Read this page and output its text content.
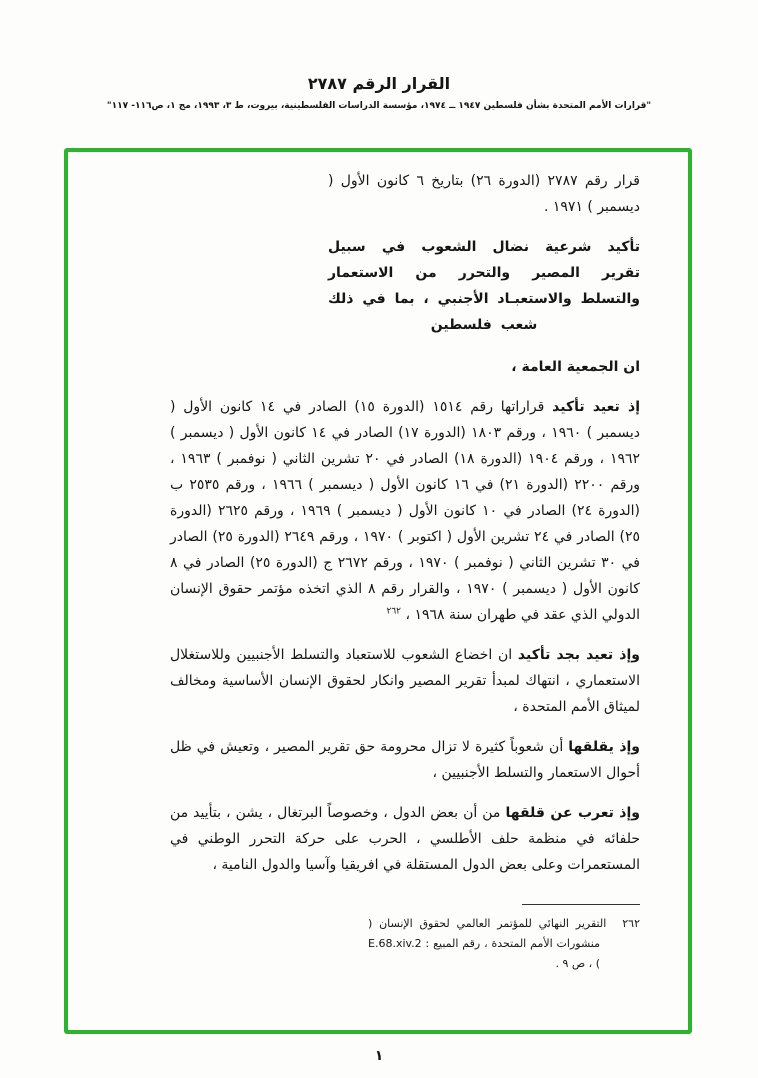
القرار الرقم ٢٧٨٧
"قرارات الأمم المتحدة بشأن فلسطين ١٩٤٧ ــ ١٩٧٤، مؤسسة الدراسات الفلسطينية، بيروت، ط ٣، ١٩٩٣، مج ١، ص١١٦- ١١٧"

قرار رقم ٢٧٨٧ (الدورة ٢٦) بتاريخ ٦ كانون الأول ( ديسمبر ) ١٩٧١ .

تأكيد شرعية نضال الشعوب في سبيل تقرير المصير والتحرر من الاستعمار والتسلط والاستعبـاد الأجنبي ، بما في ذلك شعب فلسطين

ان الجمعية العامة ،

إذ تعيد تأكيد قراراتها رقم ١٥١٤ (الدورة ١٥) الصادر في ١٤ كانون الأول ( ديسمبر ) ١٩٦٠ ، ورقم ١٨٠٣ (الدورة ١٧) الصادر في ١٤ كانون الأول ( ديسمبر ) ١٩٦٢ ، ورقم ١٩٠٤ (الدورة ١٨) الصادر في ٢٠ تشرين الثاني ( نوفمبر ) ١٩٦٣ ، ورقم ٢٢٠٠ (الدورة ٢١) في ١٦ كانون الأول ( ديسمبر ) ١٩٦٦ ، ورقم ٢٥٣٥ ب (الدورة ٢٤) الصادر في ١٠ كانون الأول ( ديسمبر ) ١٩٦٩ ، ورقم ٢٦٢٥ (الدورة ٢٥) الصادر في ٢٤ تشرين الأول ( اكتوبر ) ١٩٧٠ ، ورقم ٢٦٤٩ (الدورة ٢٥) الصادر في ٣٠ تشرين الثاني ( نوفمبر ) ١٩٧٠ ، ورقم ٢٦٧٢ ج (الدورة ٢٥) الصادر في ٨ كانون الأول ( ديسمبر ) ١٩٧٠ ، والقرار رقم ٨ الذي اتخذه مؤتمر حقوق الإنسان الدولي الذي عقد في طهران سنة ١٩٦٨ ، $^{٢٦٢}$

وإذ تعيد بجد تأكيد ان اخضاع الشعوب للاستعباد والتسلط الأجنبيين وللاستغلال الاستعماري ، انتهاك لمبدأ تقرير المصير وانكار لحقوق الإنسان الأساسية ومخالف لميثاق الأمم المتحدة ،

وإذ يقلقها أن شعوباً كثيرة لا تزال محرومة حق تقرير المصير ، وتعيش في ظل أحوال الاستعمار والتسلط الأجنبيين ،

وإذ تعرب عن قلقها من أن بعض الدول ، وخصوصاً البرتغال ، يشن ، بتأييد من حلفائه في منظمة حلف الأطلسي ، الحرب على حركة التحرر الوطني في المستعمرات وعلى بعض الدول المستقلة في افريقيا وآسيا والدول النامية ،

٢٦٢التقرير النهائي للمؤتمر العالمي لحقوق الإنسان ( منشورات الأمم المتحدة ، رقم المبيع : E.68.xiv.2 ) ، ص ٩ .

١
